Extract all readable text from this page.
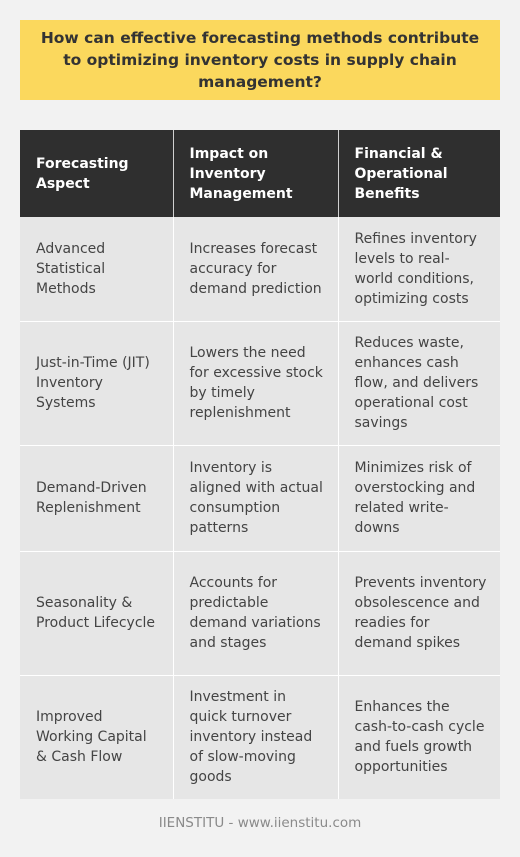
How can effective forecasting methods contribute to optimizing inventory costs in supply chain management?

Forecasting Aspect	Impact on Inventory Management	Financial & Operational Benefits
Advanced Statistical Methods	Increases forecast accuracy for demand prediction	Refines inventory levels to real-world conditions, optimizing costs
Just-in-Time (JIT) Inventory Systems	Lowers the need for excessive stock by timely replenishment	Reduces waste, enhances cash flow, and delivers operational cost savings
Demand-Driven Replenishment	Inventory is aligned with actual consumption patterns	Minimizes risk of overstocking and related write-downs
Seasonality & Product Lifecycle	Accounts for predictable demand variations and stages	Prevents inventory obsolescence and readies for demand spikes
Improved Working Capital & Cash Flow	Investment in quick turnover inventory instead of slow-moving goods	Enhances the cash-to-cash cycle and fuels growth opportunities

IIENSTITU - www.iienstitu.com
